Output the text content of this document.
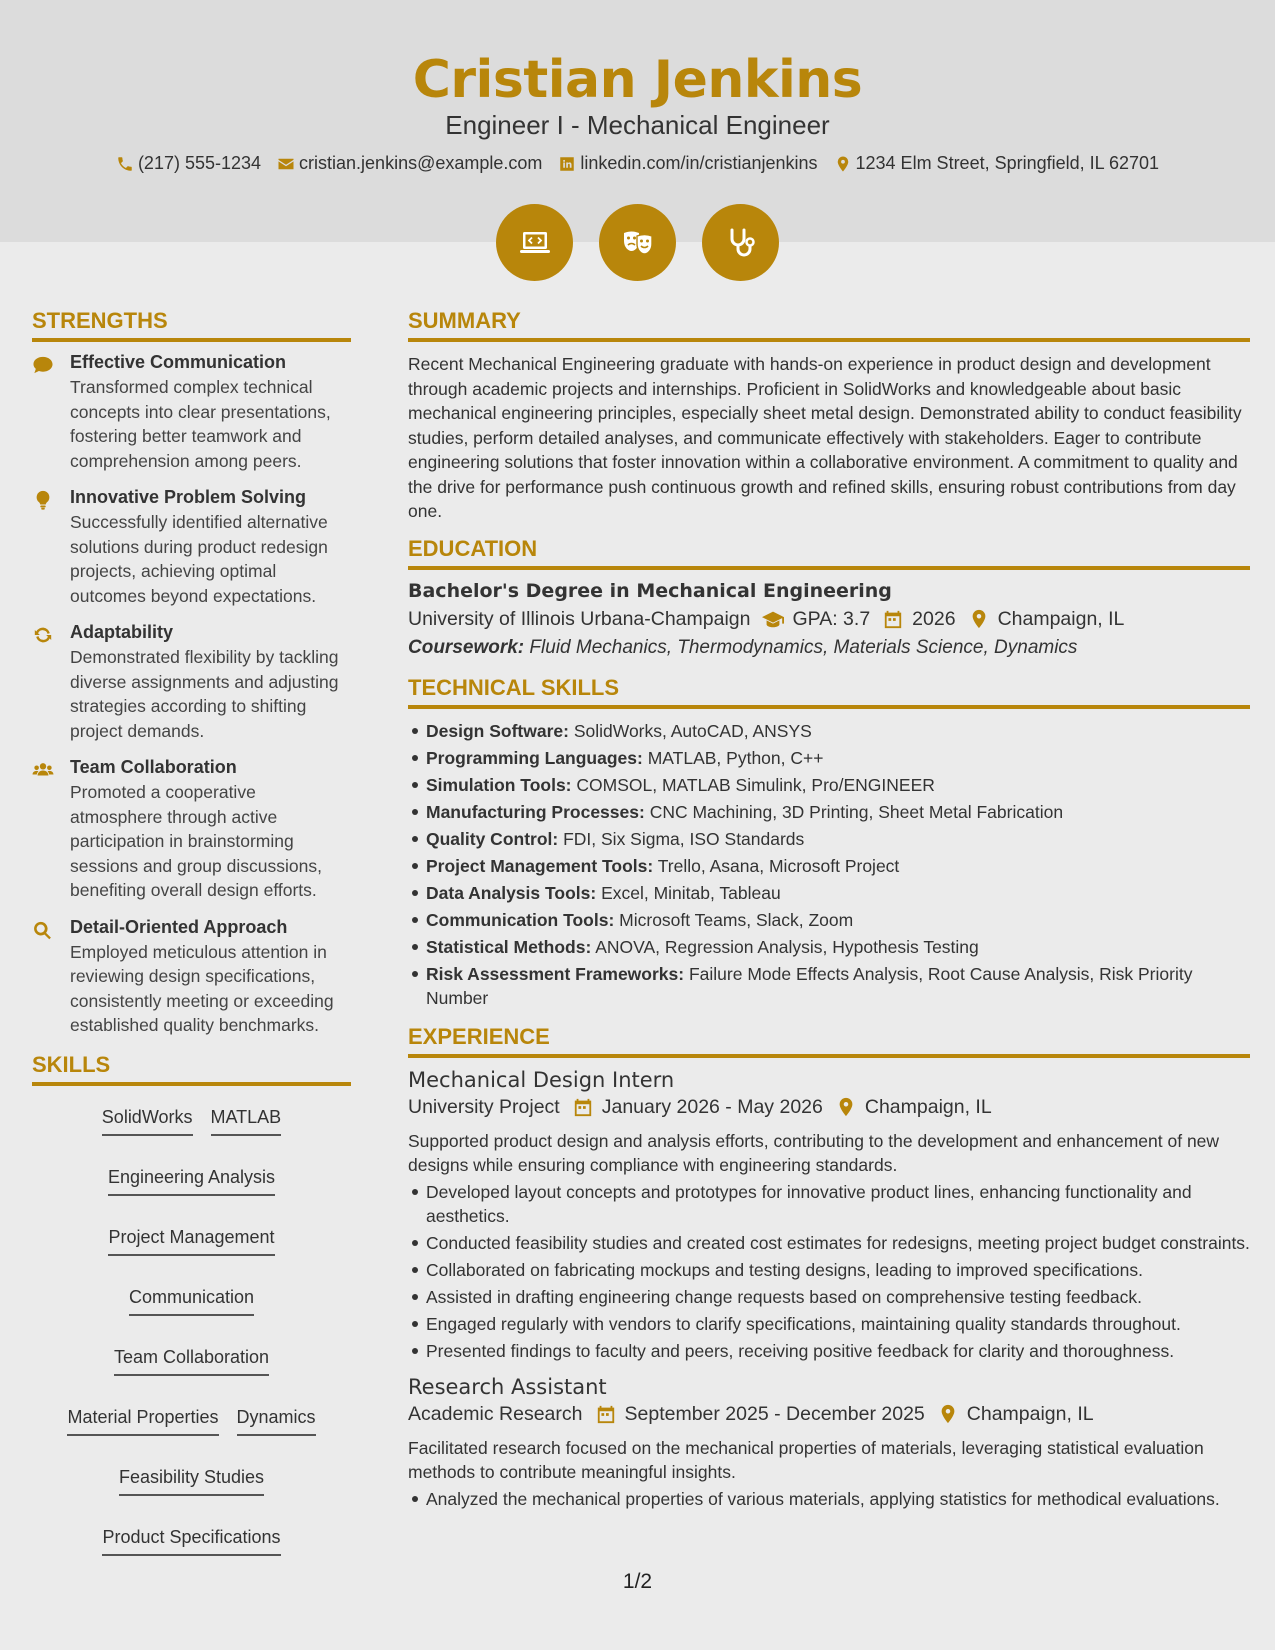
Cristian Jenkins
Engineer I - Mechanical Engineer
(217) 555-1234 cristian.jenkins@example.com linkedin.com/in/cristianjenkins 1234 Elm Street, Springfield, IL 62701
STRENGTHS
Effective Communication
Transformed complex technical concepts into clear presentations, fostering better teamwork and comprehension among peers.
Innovative Problem Solving
Successfully identified alternative solutions during product redesign projects, achieving optimal outcomes beyond expectations.
Adaptability
Demonstrated flexibility by tackling diverse assignments and adjusting strategies according to shifting project demands.
Team Collaboration
Promoted a cooperative atmosphere through active participation in brainstorming sessions and group discussions, benefiting overall design efforts.
Detail-Oriented Approach
Employed meticulous attention in reviewing design specifications, consistently meeting or exceeding established quality benchmarks.
SKILLS
SolidWorks MATLAB
Engineering Analysis
Project Management
Communication
Team Collaboration
Material Properties Dynamics
Feasibility Studies
Product Specifications
SUMMARY
Recent Mechanical Engineering graduate with hands-on experience in product design and development through academic projects and internships. Proficient in SolidWorks and knowledgeable about basic mechanical engineering principles, especially sheet metal design. Demonstrated ability to conduct feasibility studies, perform detailed analyses, and communicate effectively with stakeholders. Eager to contribute engineering solutions that foster innovation within a collaborative environment. A commitment to quality and the drive for performance push continuous growth and refined skills, ensuring robust contributions from day one.
EDUCATION
Bachelor's Degree in Mechanical Engineering
University of Illinois Urbana-Champaign GPA: 3.7 2026 Champaign, IL
Coursework: Fluid Mechanics, Thermodynamics, Materials Science, Dynamics
TECHNICAL SKILLS
Design Software: SolidWorks, AutoCAD, ANSYS
Programming Languages: MATLAB, Python, C++
Simulation Tools: COMSOL, MATLAB Simulink, Pro/ENGINEER
Manufacturing Processes: CNC Machining, 3D Printing, Sheet Metal Fabrication
Quality Control: FDI, Six Sigma, ISO Standards
Project Management Tools: Trello, Asana, Microsoft Project
Data Analysis Tools: Excel, Minitab, Tableau
Communication Tools: Microsoft Teams, Slack, Zoom
Statistical Methods: ANOVA, Regression Analysis, Hypothesis Testing
Risk Assessment Frameworks: Failure Mode Effects Analysis, Root Cause Analysis, Risk Priority Number
EXPERIENCE
Mechanical Design Intern
University Project January 2026 - May 2026 Champaign, IL
Supported product design and analysis efforts, contributing to the development and enhancement of new designs while ensuring compliance with engineering standards.
Developed layout concepts and prototypes for innovative product lines, enhancing functionality and aesthetics.
Conducted feasibility studies and created cost estimates for redesigns, meeting project budget constraints.
Collaborated on fabricating mockups and testing designs, leading to improved specifications.
Assisted in drafting engineering change requests based on comprehensive testing feedback.
Engaged regularly with vendors to clarify specifications, maintaining quality standards throughout.
Presented findings to faculty and peers, receiving positive feedback for clarity and thoroughness.
Research Assistant
Academic Research September 2025 - December 2025 Champaign, IL
Facilitated research focused on the mechanical properties of materials, leveraging statistical evaluation methods to contribute meaningful insights.
Analyzed the mechanical properties of various materials, applying statistics for methodical evaluations.
1/2
